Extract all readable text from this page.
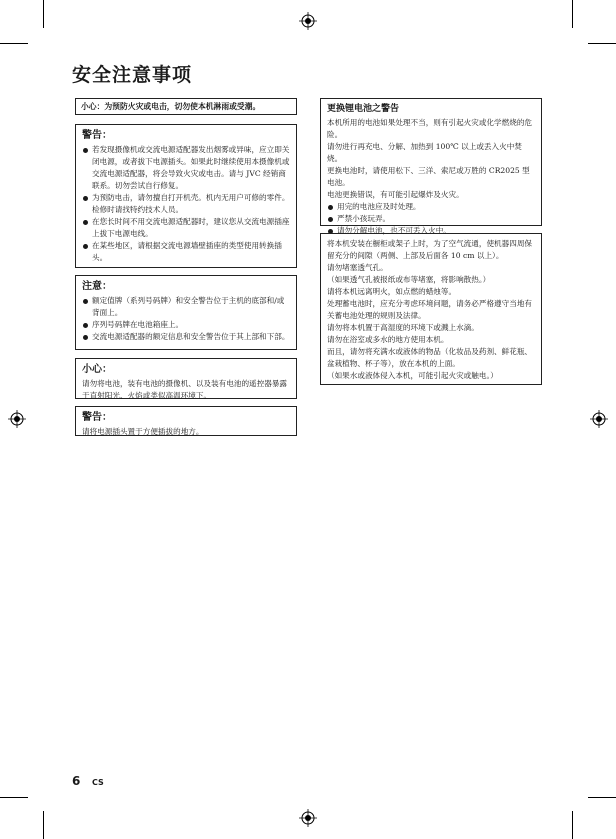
安全注意事项
小心：为预防火灾或电击，切勿使本机淋雨或受潮。
警告：
若发现摄像机或交流电源适配器发出烟雾或异味，应立即关闭电源，或者拔下电源插头。如果此时继续使用本摄像机或交流电源适配器，将会导致火灾或电击。请与 JVC 经销商联系。切勿尝试自行修复。
为预防电击，请勿擅自打开机壳。机内无用户可修的零件。检修时请找特约技术人员。
在您长时间不用交流电源适配器时，建议您从交流电源插座上拔下电源电线。
在某些地区，请根据交流电源墙壁插座的类型使用转换插头。
注意：
额定值牌（系列号码牌）和安全警告位于主机的底部和/或背面上。
序列号码牌在电池箱座上。
交流电源适配器的额定信息和安全警告位于其上部和下部。
小心：
请勿将电池，装有电池的摄像机、以及装有电池的遥控器暴露于直射阳光、火焰或类似高温环境下。
警告：
请将电源插头置于方便插拔的地方。
更换锂电池之警告
本机所用的电池如果处理不当，则有引起火灾或化学燃烧的危险。
请勿进行再充电、分解、加热到 100℃ 以上或丢入火中焚烧。
更换电池时，请使用松下、三洋、索尼或万胜的 CR2025 型电池。
电池更换错误，有可能引起爆炸及火灾。
用完的电池应及时处理。
严禁小孩玩弄。
请勿分解电池，也不可丢入火中。
将本机安装在橱柜或架子上时，为了空气流通，使机器四周保留充分的间隙（两侧、上部及后面各 10 cm 以上）。
请勿堵塞透气孔。
（如果透气孔被报纸或布等堵塞，将影响散热。）
请将本机远离明火，如点燃的蜡烛等。
处理蓄电池时，应充分考虑环境问题，请务必严格遵守当地有关蓄电池处理的规则及法律。
请勿将本机置于高湿度的环境下或溅上水滴。
请勿在浴室或多水的地方使用本机。
而且，请勿将充满水或液体的物品（化妆品及药剂、鲜花瓶、盆栽植物、杯子等），放在本机的上面。
（如果水或液体侵入本机，可能引起火灾或触电。）
6 CS
